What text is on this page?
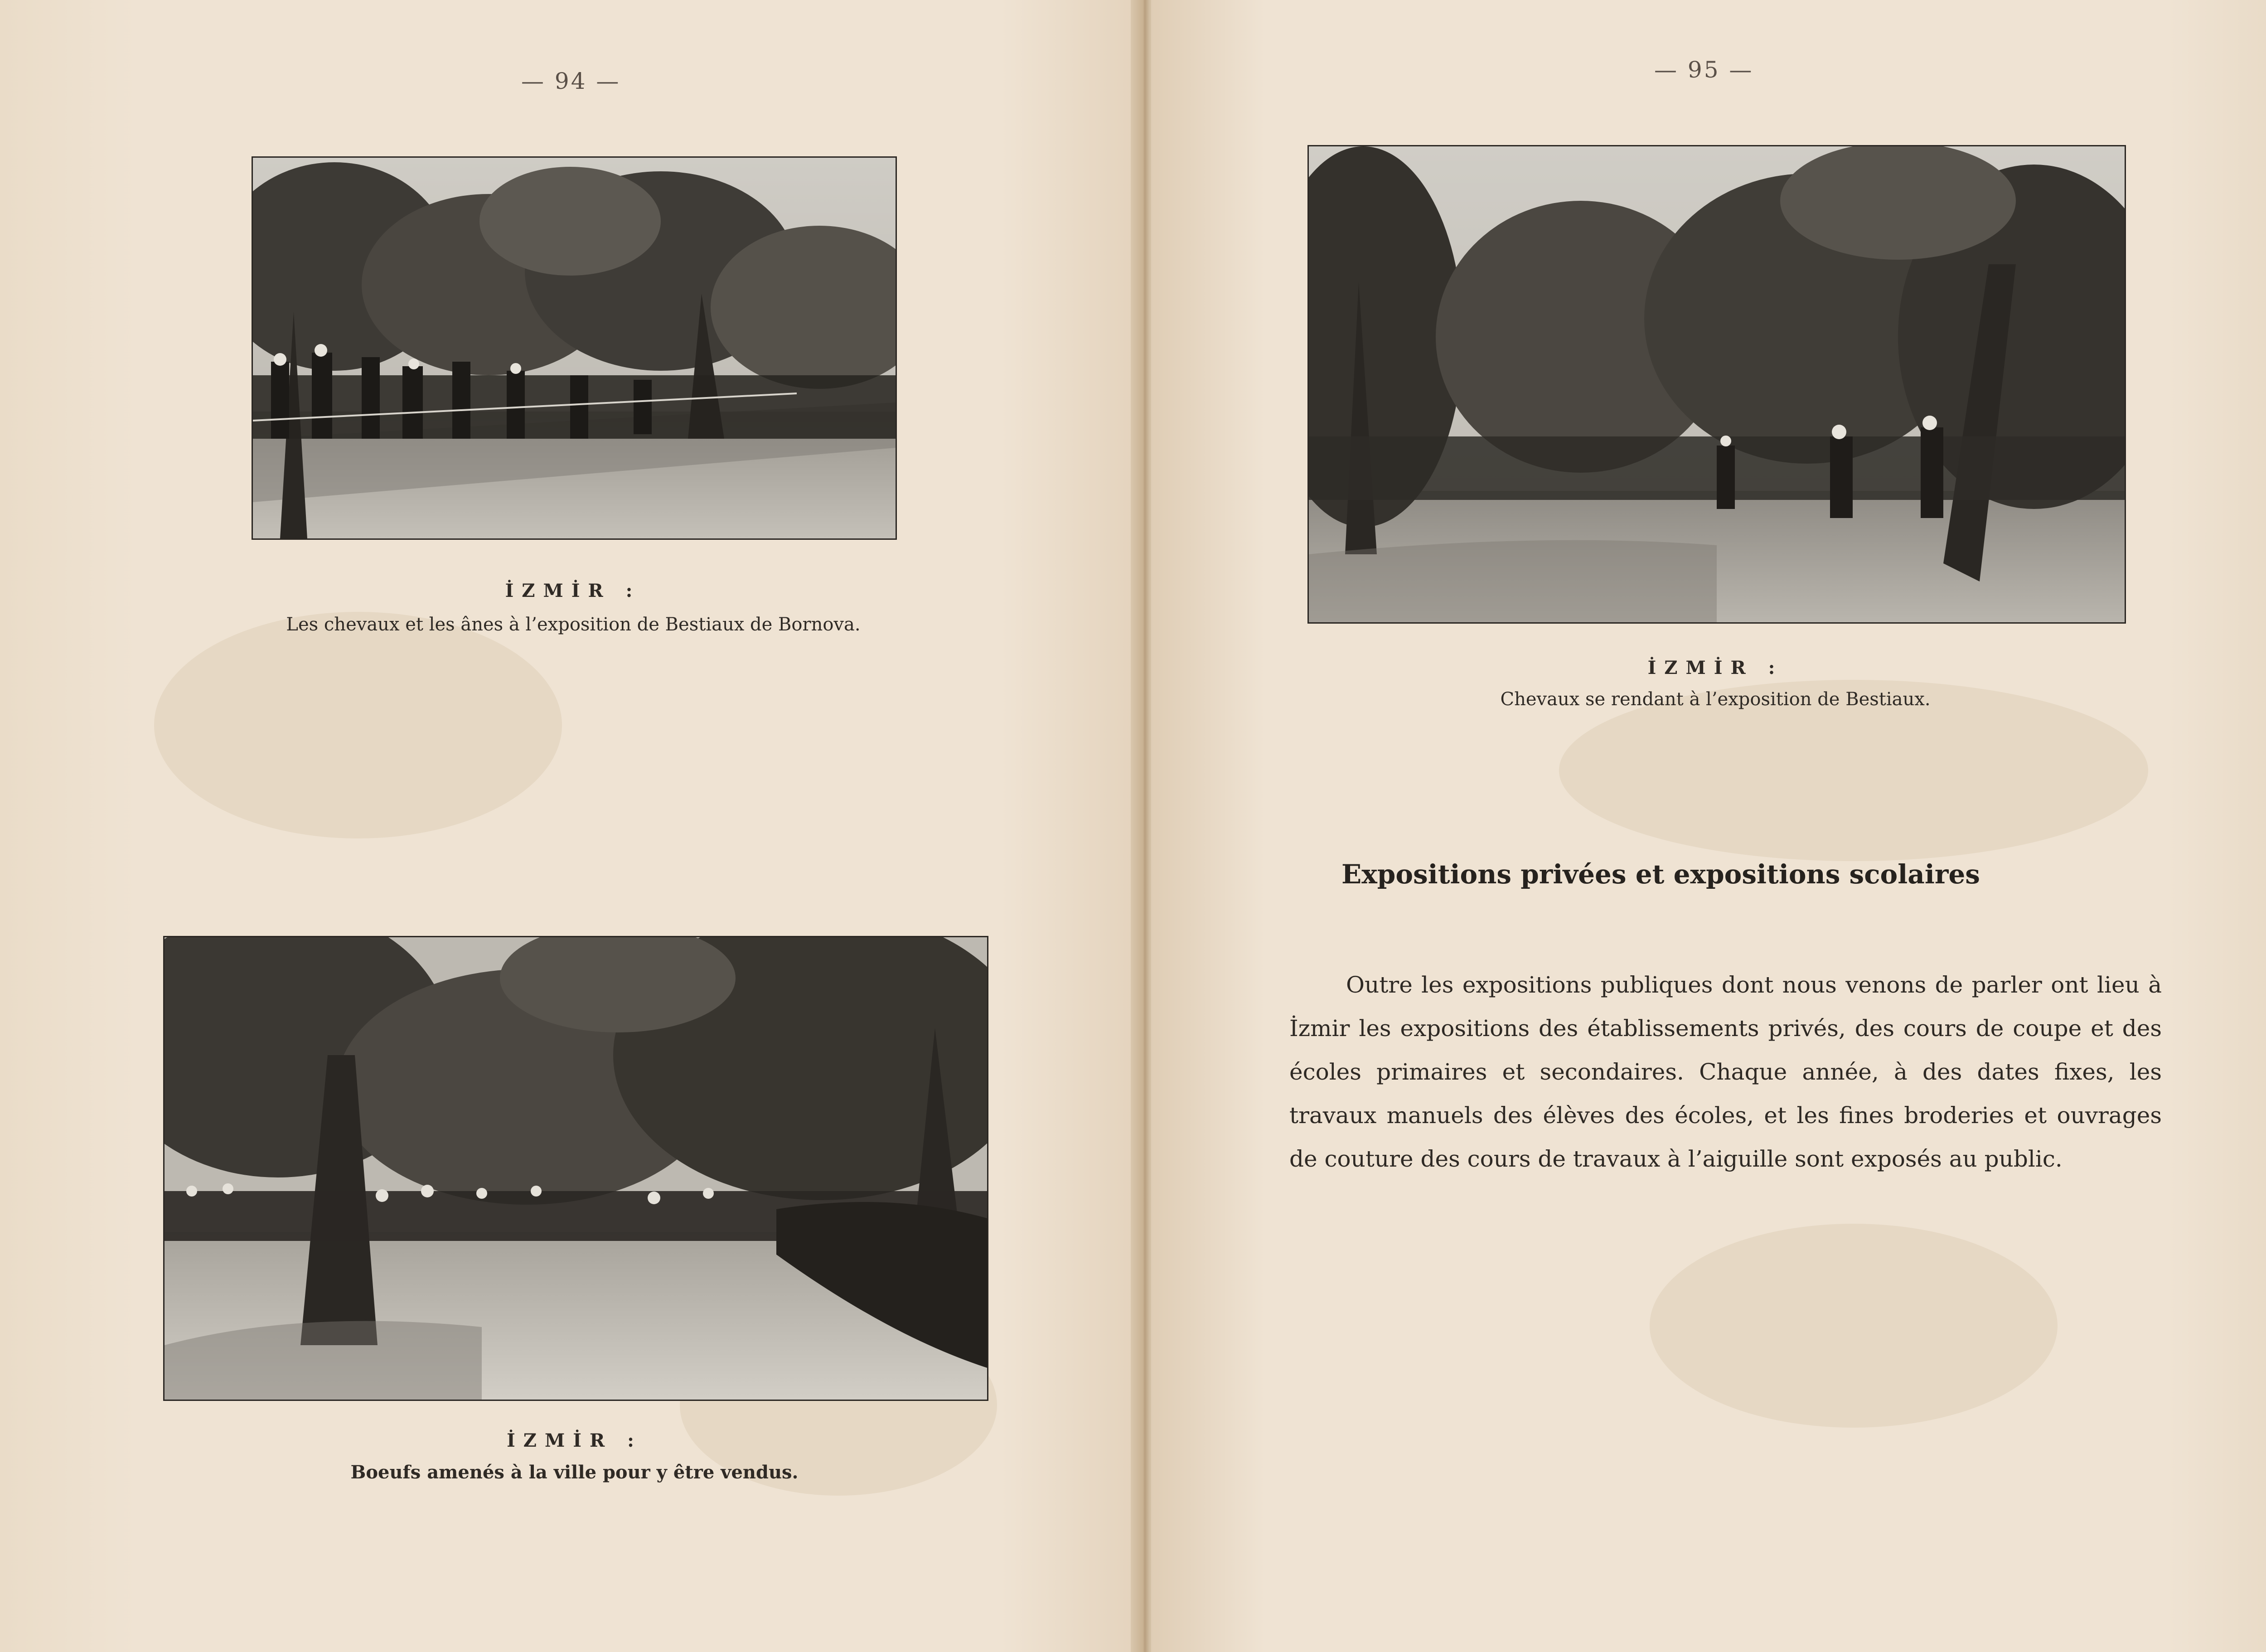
— 94 —
İZMİR :
Les chevaux et les ânes à l’exposition de Bestiaux de Bornova.
İZMİR :
Boeufs amenés à la ville pour y être vendus.
— 95 —
İZMİR :
Chevaux se rendant à l’exposition de Bestiaux.
Expositions privées et expositions scolaires
Outre les expositions publiques dont nous venons de parler ont lieu à İzmir les expositions des établissements privés, des cours de coupe et des écoles primaires et secondaires. Chaque année, à des dates fixes, les travaux manuels des élèves des écoles, et les fines broderies et ouvrages de couture des cours de travaux à l’aiguille sont exposés au public.
